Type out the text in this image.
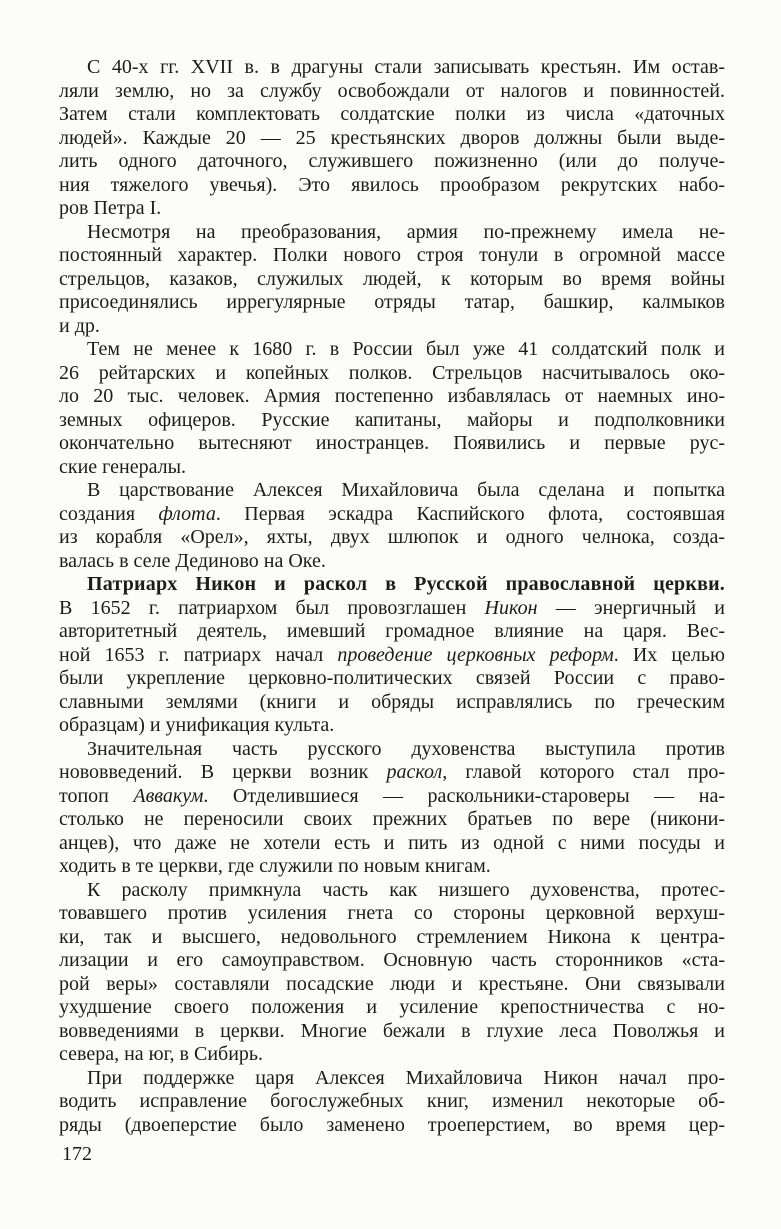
С 40-х гг. XVII в. в драгуны стали записывать крестьян. Им остав-
ляли землю, но за службу освобождали от налогов и повинностей.
Затем стали комплектовать солдатские полки из числа «даточных
людей». Каждые 20 — 25 крестьянских дворов должны были выде-
лить одного даточного, служившего пожизненно (или до получе-
ния тяжелого увечья). Это явилось прообразом рекрутских набо-
ров Петра I.
Несмотря на преобразования, армия по-прежнему имела не-
постоянный характер. Полки нового строя тонули в огромной массе
стрельцов, казаков, служилых людей, к которым во время войны
присоединялись иррегулярные отряды татар, башкир, калмыков
и др.
Тем не менее к 1680 г. в России был уже 41 солдатский полк и
26 рейтарских и копейных полков. Стрельцов насчитывалось око-
ло 20 тыс. человек. Армия постепенно избавлялась от наемных ино-
земных офицеров. Русские капитаны, майоры и подполковники
окончательно вытесняют иностранцев. Появились и первые рус-
ские генералы.
В царствование Алексея Михайловича была сделана и попытка
создания флота. Первая эскадра Каспийского флота, состоявшая
из корабля «Орел», яхты, двух шлюпок и одного челнока, созда-
валась в селе Дединово на Оке.
Патриарх Никон и раскол в Русской православной церкви.
В 1652 г. патриархом был провозглашен Никон — энергичный и
авторитетный деятель, имевший громадное влияние на царя. Вес-
ной 1653 г. патриарх начал проведение церковных реформ. Их целью
были укрепление церковно-политических связей России с право-
славными землями (книги и обряды исправлялись по греческим
образцам) и унификация культа.
Значительная часть русского духовенства выступила против
нововведений. В церкви возник раскол, главой которого стал про-
топоп Аввакум. Отделившиеся — раскольники-староверы — на-
столько не переносили своих прежних братьев по вере (никони-
анцев), что даже не хотели есть и пить из одной с ними посуды и
ходить в те церкви, где служили по новым книгам.
К расколу примкнула часть как низшего духовенства, протес-
товавшего против усиления гнета со стороны церковной верхуш-
ки, так и высшего, недовольного стремлением Никона к центра-
лизации и его самоуправством. Основную часть сторонников «ста-
рой веры» составляли посадские люди и крестьяне. Они связывали
ухудшение своего положения и усиление крепостничества с но-
вовведениями в церкви. Многие бежали в глухие леса Поволжья и
севера, на юг, в Сибирь.
При поддержке царя Алексея Михайловича Никон начал про-
водить исправление богослужебных книг, изменил некоторые об-
ряды (двоеперстие было заменено троеперстием, во время цер-
172
